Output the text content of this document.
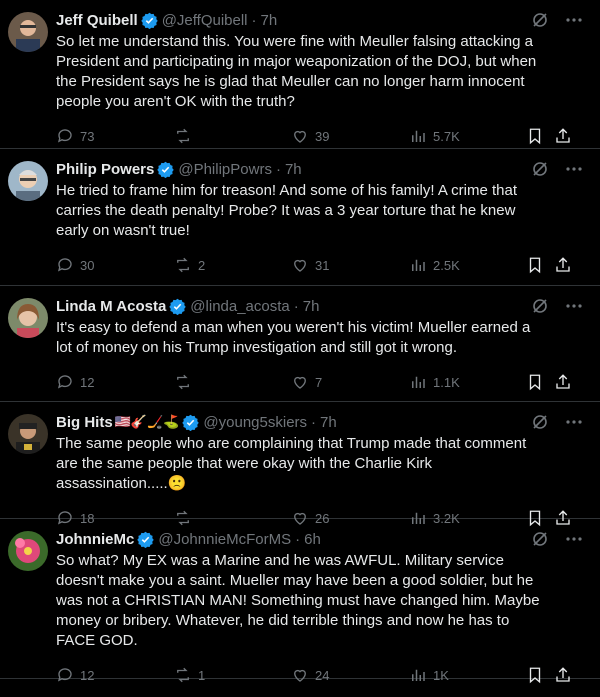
Jeff Quibell @JeffQuibell · 7h
So let me understand this. You were fine with Meuller falsing attacking a President and participating in major weaponization of the DOJ, but when the President says he is glad that Meuller can no longer harm innocent people you aren't OK with the truth?
73	39	5.7K
Philip Powers @PhilipPowrs · 7h
He tried to frame him for treason! And some of his family! A crime that carries the death penalty! Probe? It was a 3 year torture that he knew early on wasn't true!
30	2	31	2.5K
Linda M Acosta @linda_acosta · 7h
It's easy to defend a man when you weren't his victim! Mueller earned a lot of money on his Trump investigation and still got it wrong.
12	7	1.1K
Big Hits 🇺🇸🎸🏒⛳ @young5skiers · 7h
The same people who are complaining that Trump made that comment are the same people that were okay with the Charlie Kirk assassination.....🙁
18	26	3.2K
JohnnieMc @JohnnieMcForMS · 6h
So what? My EX was a Marine and he was AWFUL. Military service doesn't make you a saint. Mueller may have been a good soldier, but he was not a CHRISTIAN MAN! Something must have changed him. Maybe money or bribery. Whatever, he did terrible things and now he has to FACE GOD.
12	1	24	1K
